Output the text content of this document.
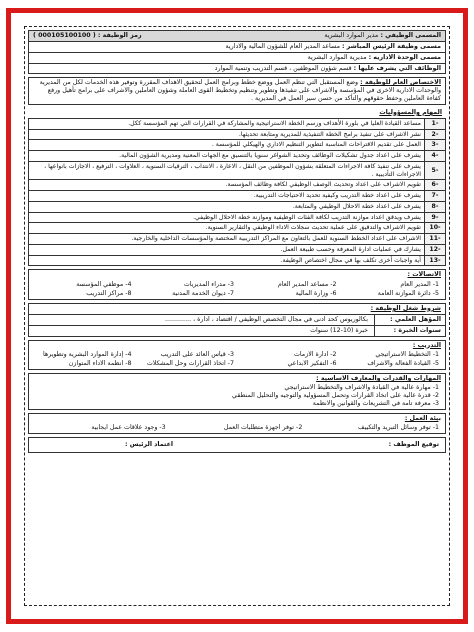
المسمى الوظيفي : مدير الموارد البشرية
رمز الوظيفة : ( 000105100100 )
مسمى وظيفة الرئيس المباشر :

مساعد المدير العام للشؤون المالية والادارية
مسمى الوحدة الاداريه :

مديرية الموارد البشرية
الوظائف التي يشرف عليها :

قسم شؤون الموظفين ، قسم التدريب وتنمية الموارد
الاختصاص العام للوظيفة : وضع المستقبل التي تنظم العمل ووضع خطط وبرامج العمل لتحقيق الاهداف المقررة وتوفير هذه الخدمات لكل من المديرية والوحدات الادارية الاخرى في المؤسسة والاشراف على تنفيذها وتطوير وتنظيم وتخطيط القوى العاملة وشؤون العاملين والاشراف على برامج تأهيل ورفع كفاءة العاملين وحفظ حقوقهم والتأكد من حسن سير العمل في المديرية .
المهام والمسؤوليات
-1	مساعد القيادة العليا في بلورة الأهداف ورسم الخطة الاستراتيجية والمشاركة في القرارات التي تهم المؤسسة ككل.
-2	نشر الاشراف على تنفيذ برامج الخطة التنفيذية للمديرية ومتابعة تحديثها.
-3	العمل على تقديم الاقتراحات المناسبة لتطوير التنظيم الاداري والهيكلي للمؤسسة .
-4	يشرف على اعداد جدول تشكيلات الوظائف وتحديد الشواغر سنويا بالتنسيق مع الجهات المعنية ومديرية الشؤون المالية.
-5	يشرف على تنفيذ كافة الاجراءات المتعلقة بشؤون الموظفين من النقل ، الاعارة ، الانتداب ، الترقيات السنوية ، العلاوات ، الترفيع ، الاجازات بانواعها ، الاجراءات التأديبية .
-6	تقويم الاشراف على اعداد وتحديث الوصف الوظيفي لكافة وظائف المؤسسة.
-7	يشرف على اعداد خطة التدريب وكيفية تحديد الاحتياجات التدريبية.
-8	يشرف على اعداد خطة الاحلال الوظيفي والمتابعة.
-9	يشرف ويدقق اعداد موازنة التدريب لكافة الفئات الوظيفية وموازنة خطة الاحلال الوظيفي.
-10	تقويم الاشراف والتدقيق على عملية تحديث سجلات الاداء الوظيفي والتقارير السنوية.
-11	الاشراف على اعداد الخطط السنوية للعمل بالتعاون مع المراكز التدريبية المختصة والمؤسسات الداخلية والخارجية.
-12	يشارك في عمليات ادارة المعرفة وحسب طبيعة العمل.
-13	أية واجبات أخرى تكلف بها في مجال اختصاص الوظيفة.
الاتصالات :
1- المدير العام
2- مساعد المدير العام
3- مدراء المديريات
4- موظفي المؤسسة
5- دائرة الموازنة العامة
6- وزارة المالية
7- ديوان الخدمة المدنية
8- مراكز التدريب
شروط شغل الوظيفة :
المؤهل العلمي :
بكالوريوس كحد ادنى في مجال التخصص الوظيفي / اقتصاد ، ادارة ، .............
سنوات الخبرة :
خبرة (10-12) سنوات
التدريب :
1- التخطيط الاستراتيجي
2- ادارة الازمات
3- قياس العائد على التدريب
4- إدارة الموارد البشرية وتطويرها
5- القيادة الفعالة والاشراف
6- التفكير الابداعي
7- اتخاذ القرارات وحل المشكلات
8- انظمة الاداء المتوازن
المهارات والقدرات والمعارف الاساسية :
1- مهارة عالية في القيادة والاشراف والتخطيط الاستراتيجي
2- قدرة عالية على اتخاذ القرارات وتحمل المسؤولية والتوجيه والتحليل المنطقي
3- معرفة تامة في التشريعات والقوانين والانظمة
بيئة العمل :
1- توفر وسائل التبريد والتكييف
2- توفر اجهزة متطلبات العمل
3- وجود علاقات عمل ايجابية
توقيع الموظف :
اعتماد الرئيس :
